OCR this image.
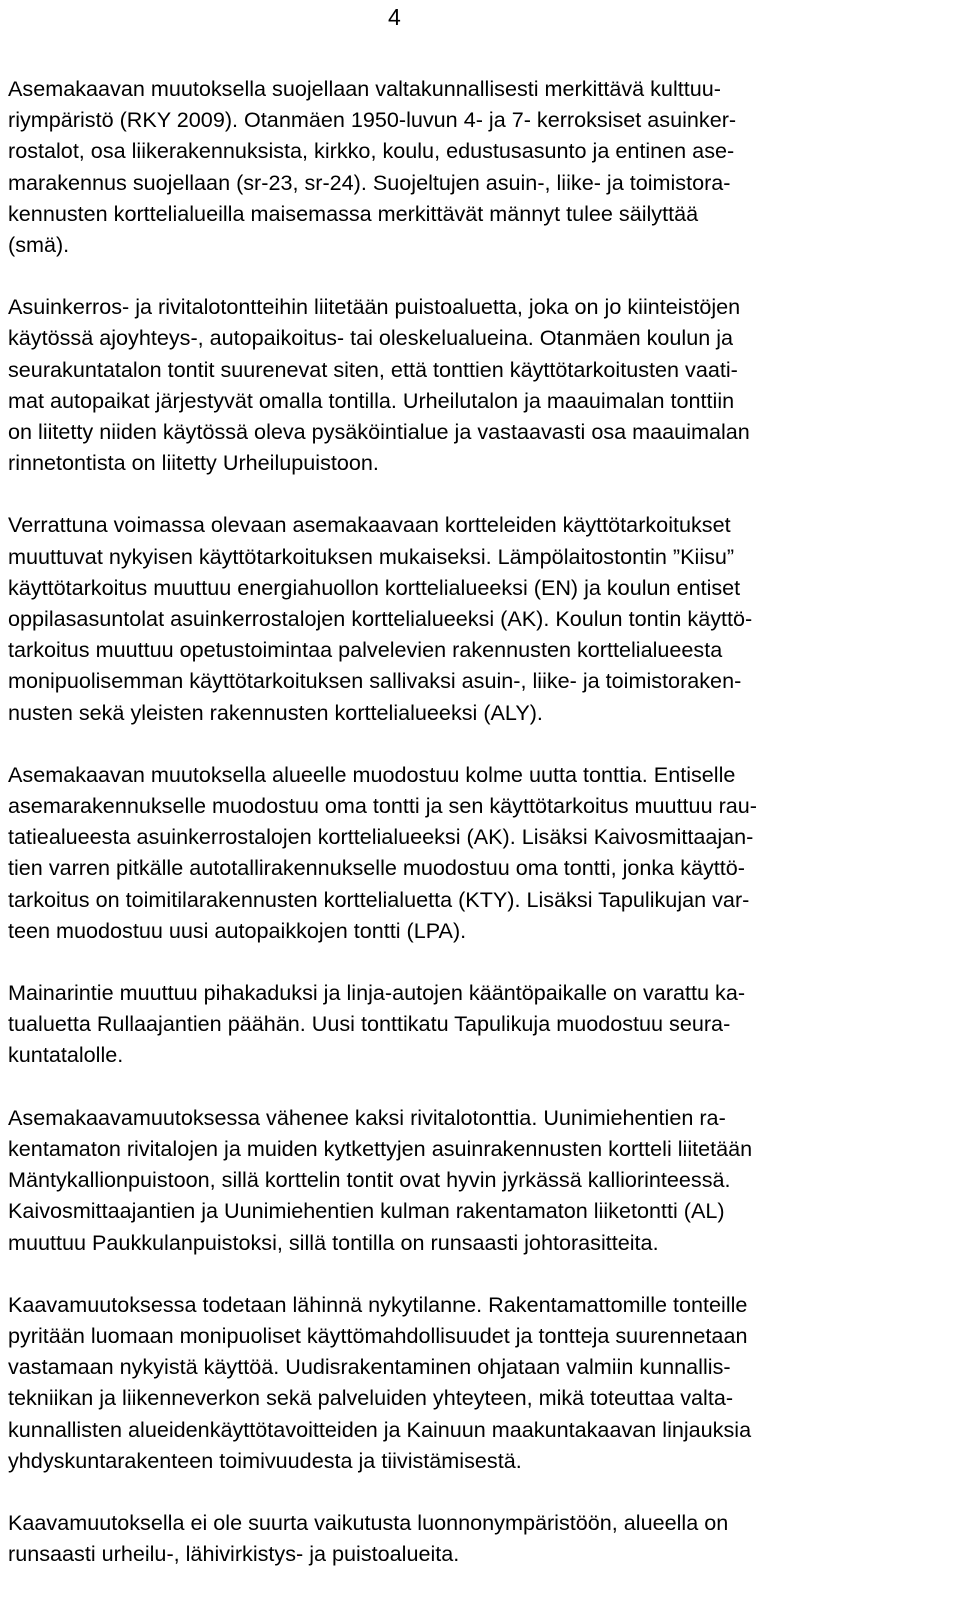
4
Asemakaavan muutoksella suojellaan valtakunnallisesti merkittävä kulttuu-
riympäristö (RKY 2009). Otanmäen 1950-luvun 4- ja 7- kerroksiset asuinker-
rostalot, osa liikerakennuksista, kirkko, koulu, edustusasunto ja entinen ase-
marakennus suojellaan (sr-23, sr-24). Suojeltujen asuin-, liike- ja toimistora-
kennusten korttelialueilla maisemassa merkittävät männyt tulee säilyttää
(smä).
Asuinkerros- ja rivitalotontteihin liitetään puistoaluetta, joka on jo kiinteistöjen
käytössä ajoyhteys-, autopaikoitus- tai oleskelualueina. Otanmäen koulun ja
seurakuntatalon tontit suurenevat siten, että tonttien käyttötarkoitusten vaati-
mat autopaikat järjestyvät omalla tontilla. Urheilutalon ja maauimalan tonttiin
on liitetty niiden käytössä oleva pysäköintialue ja vastaavasti osa maauimalan
rinnetontista on liitetty Urheilupuistoon.
Verrattuna voimassa olevaan asemakaavaan kortteleiden käyttötarkoitukset
muuttuvat nykyisen käyttötarkoituksen mukaiseksi. Lämpölaitostontin ”Kiisu”
käyttötarkoitus muuttuu energiahuollon korttelialueeksi (EN) ja koulun entiset
oppilasasuntolat asuinkerrostalojen korttelialueeksi (AK). Koulun tontin käyttö-
tarkoitus muuttuu opetustoimintaa palvelevien rakennusten korttelialueesta
monipuolisemman käyttötarkoituksen sallivaksi asuin-, liike- ja toimistoraken-
nusten sekä yleisten rakennusten korttelialueeksi (ALY).
Asemakaavan muutoksella alueelle muodostuu kolme uutta tonttia. Entiselle
asemarakennukselle muodostuu oma tontti ja sen käyttötarkoitus muuttuu rau-
tatiealueesta asuinkerrostalojen korttelialueeksi (AK). Lisäksi Kaivosmittaajan-
tien varren pitkälle autotallirakennukselle muodostuu oma tontti, jonka käyttö-
tarkoitus on toimitilarakennusten korttelialuetta (KTY). Lisäksi Tapulikujan var-
teen muodostuu uusi autopaikkojen tontti (LPA).
Mainarintie muuttuu pihakaduksi ja linja-autojen kääntöpaikalle on varattu ka-
tualuetta Rullaajantien päähän. Uusi tonttikatu Tapulikuja muodostuu seura-
kuntatalolle.
Asemakaavamuutoksessa vähenee kaksi rivitalotonttia. Uunimiehentien ra-
kentamaton rivitalojen ja muiden kytkettyjen asuinrakennusten kortteli liitetään
Mäntykallionpuistoon, sillä korttelin tontit ovat hyvin jyrkässä kalliorinteessä.
Kaivosmittaajantien ja Uunimiehentien kulman rakentamaton liiketontti (AL)
muuttuu Paukkulanpuistoksi, sillä tontilla on runsaasti johtorasitteita.
Kaavamuutoksessa todetaan lähinnä nykytilanne. Rakentamattomille tonteille
pyritään luomaan monipuoliset käyttömahdollisuudet ja tontteja suurennetaan
vastamaan nykyistä käyttöä. Uudisrakentaminen ohjataan valmiin kunnallis-
tekniikan ja liikenneverkon sekä palveluiden yhteyteen, mikä toteuttaa valta-
kunnallisten alueidenkäyttötavoitteiden ja Kainuun maakuntakaavan linjauksia
yhdyskuntarakenteen toimivuudesta ja tiivistämisestä.
Kaavamuutoksella ei ole suurta vaikutusta luonnonympäristöön, alueella on
runsaasti urheilu-, lähivirkistys- ja puistoalueita.
